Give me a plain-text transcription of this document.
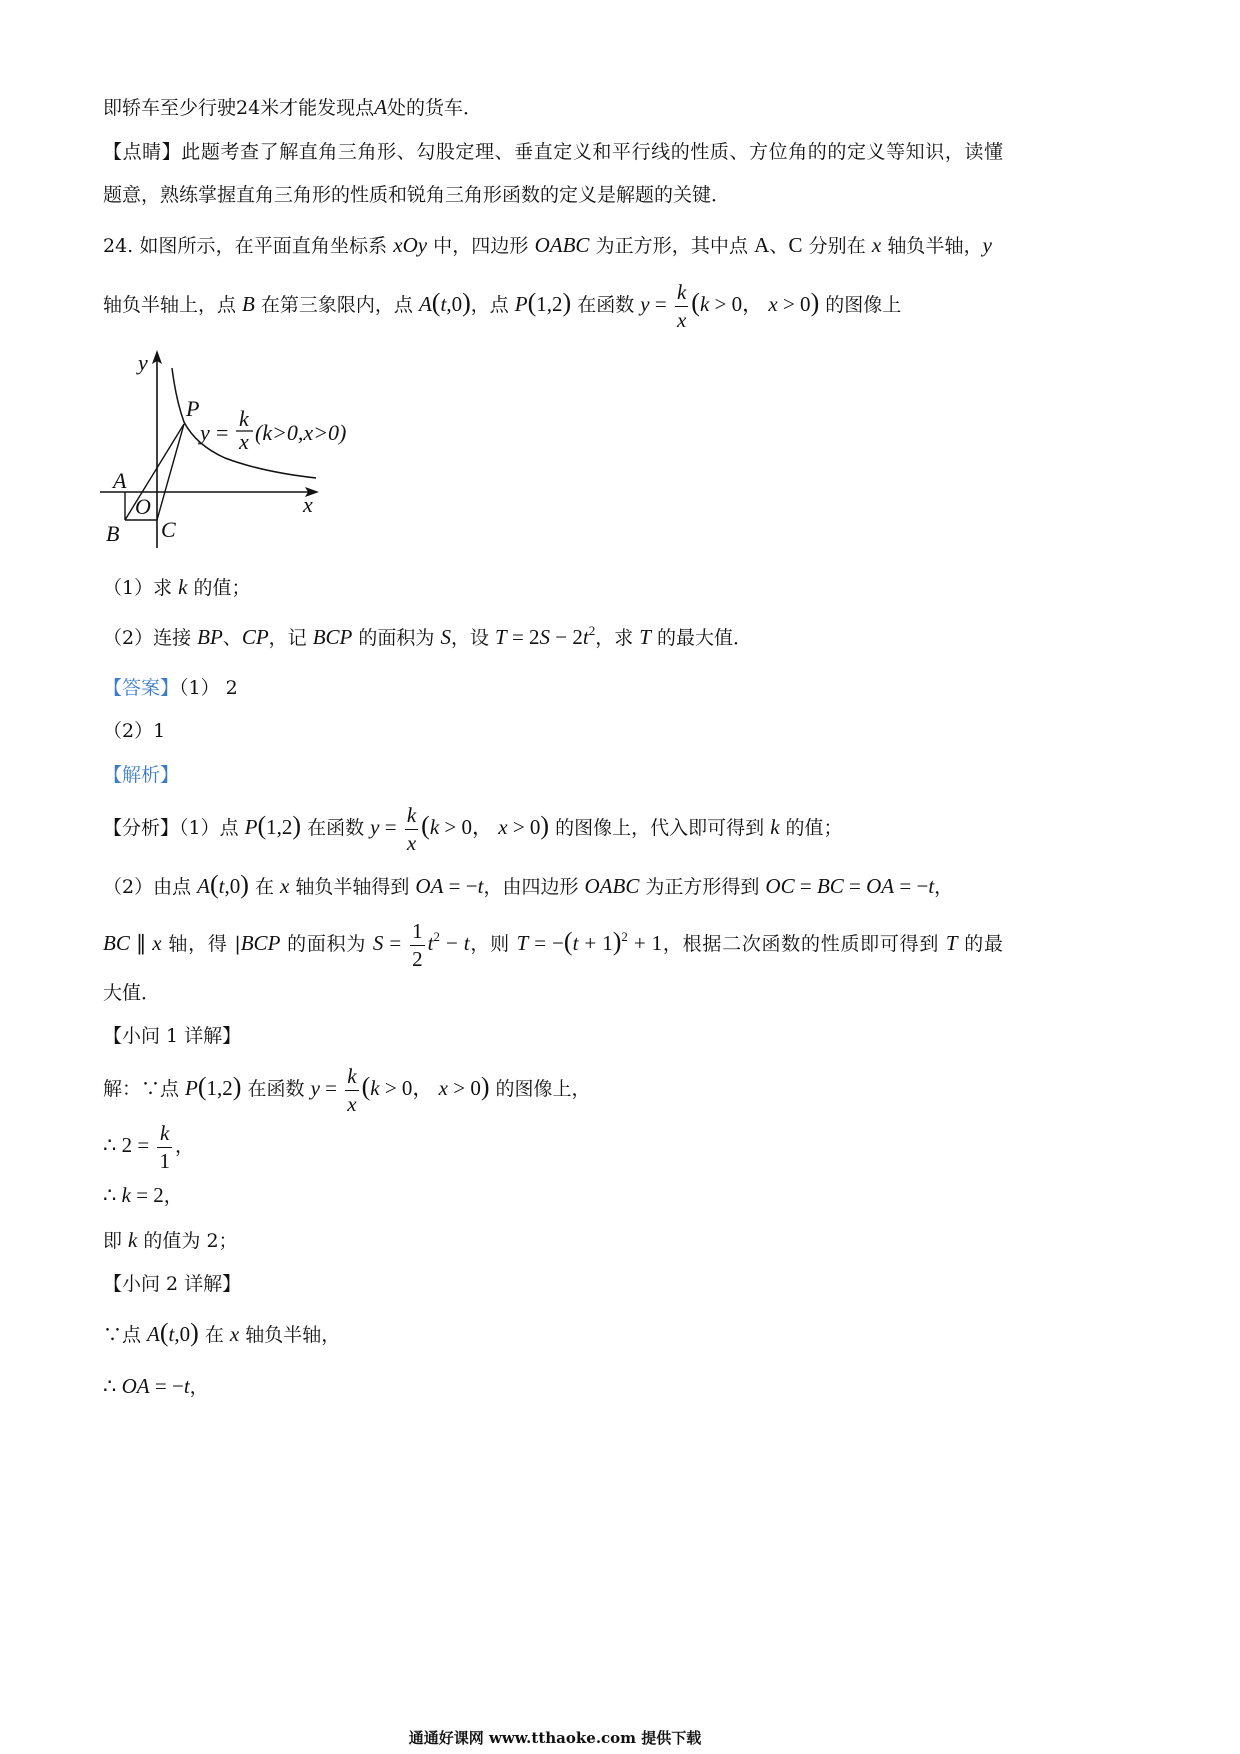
即轿车至少行驶24米才能发现点A处的货车．
【点睛】此题考查了解直角三角形、勾股定理、垂直定义和平行线的性质、方位角的的定义等知识，读懂
题意，熟练掌握直角三角形的性质和锐角三角形函数的定义是解题的关键．
24. 如图所示，在平面直角坐标系 xOy 中，四边形 OABC 为正方形，其中点 A、C 分别在 x 轴负半轴，y
轴负半轴上，点 B 在第三象限内，点 A(t,0)，点 P(1,2) 在函数 $y = \frac{k}{x} (k > 0$， x > 0) 的图像上
y
x
P
A
O
B C
y =
k
x (k>0,x>0)
（1）求 k 的值；
（2）连接 BP、CP，记 BCP 的面积为 S，设 $T = 2S - 2t^2$，求 T 的最大值．
【答案】（1） 2
（2）1
【解析】
【分析】（1）点 P(1,2) 在函数 $y = \frac{k}{x} (k > 0$， x > 0) 的图像上，代入即可得到 k 的值；
（2）由点 A(t,0) 在 x 轴负半轴得到 OA = −t，由四边形 OABC 为正方形得到 OC = BC = OA = −t，
BC ∥ x 轴，得 |BCP 的面积为 $S = \frac{1}{2} t^2 - t$，则 $T = -(t + 1)^2 + 1$，根据二次函数的性质即可得到 T 的最
大值．
【小问 1 详解】
解：∵点 P(1,2) 在函数 $y = \frac{k}{x} (k > 0$， x > 0) 的图像上，
∴ $2 = \frac{k}{1}$ ，
∴ k = 2，
即 k 的值为 2；
【小问 2 详解】
∵点 A(t,0) 在 x 轴负半轴，
∴ OA = −t，
通通好课网 www.tthaoke.com 提供下载
